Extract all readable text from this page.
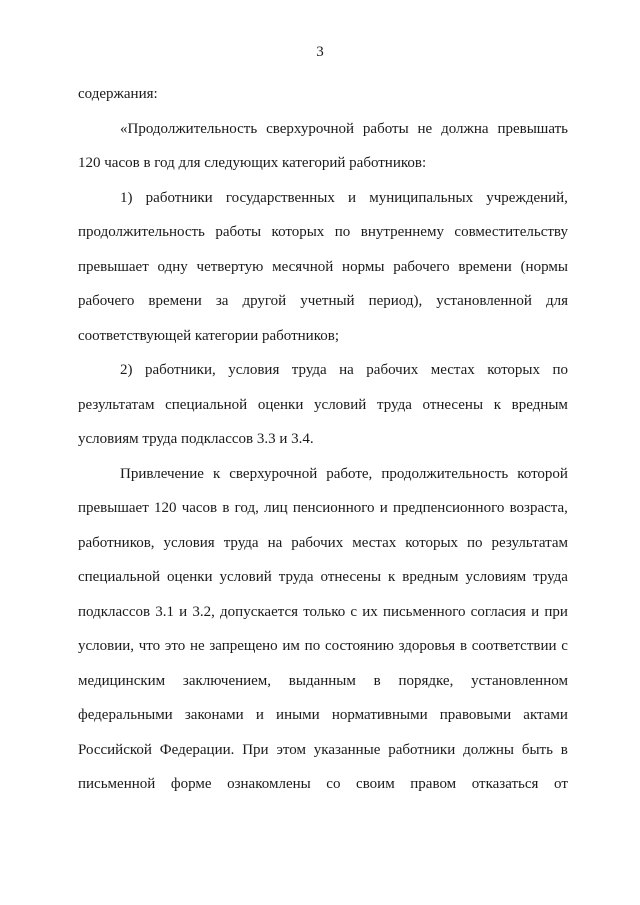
3
содержания:
«Продолжительность сверхурочной работы не должна превышать
120 часов в год для следующих категорий работников:
1) работники государственных и муниципальных учреждений,
продолжительность работы которых по внутреннему совместительству
превышает одну четвертую месячной нормы рабочего времени (нормы
рабочего времени за другой учетный период), установленной для
соответствующей категории работников;
2) работники, условия труда на рабочих местах которых по
результатам специальной оценки условий труда отнесены к вредным
условиям труда подклассов 3.3 и 3.4.
Привлечение к сверхурочной работе, продолжительность которой
превышает 120 часов в год, лиц пенсионного и предпенсионного возраста,
работников, условия труда на рабочих местах которых по результатам
специальной оценки условий труда отнесены к вредным условиям труда
подклассов 3.1 и 3.2, допускается только с их письменного согласия и при
условии, что это не запрещено им по состоянию здоровья в соответствии с
медицинским заключением, выданным в порядке, установленном
федеральными законами и иными нормативными правовыми актами
Российской Федерации. При этом указанные работники должны быть в
письменной форме ознакомлены со своим правом отказаться от
